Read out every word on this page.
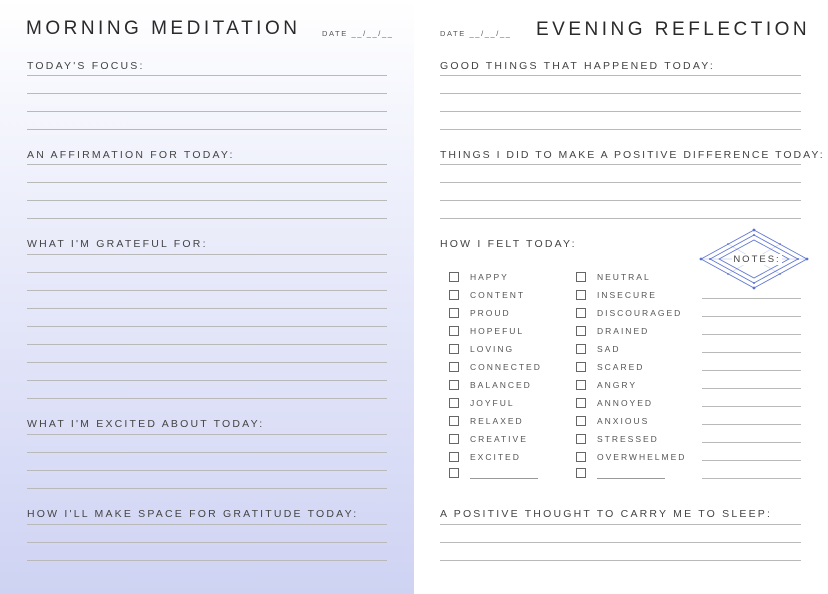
MORNING MEDITATION	DATE __/__/__
TODAY'S FOCUS:
AN AFFIRMATION FOR TODAY:
WHAT I'M GRATEFUL FOR:
WHAT I'M EXCITED ABOUT TODAY:
HOW I'LL MAKE SPACE FOR GRATITUDE TODAY:
DATE __/__/__ EVENING REFLECTION
GOOD THINGS THAT HAPPENED TODAY:
THINGS I DID TO MAKE A POSITIVE DIFFERENCE TODAY:
HOW I FELT TODAY:
HAPPY
CONTENT
PROUD
HOPEFUL
LOVING
CONNECTED
BALANCED
JOYFUL
RELAXED
CREATIVE
EXCITED
NEUTRAL
INSECURE
DISCOURAGED
DRAINED
SAD
SCARED
ANGRY
ANNOYED
ANXIOUS
STRESSED
OVERWHELMED
NOTES:
A POSITIVE THOUGHT TO CARRY ME TO SLEEP:
